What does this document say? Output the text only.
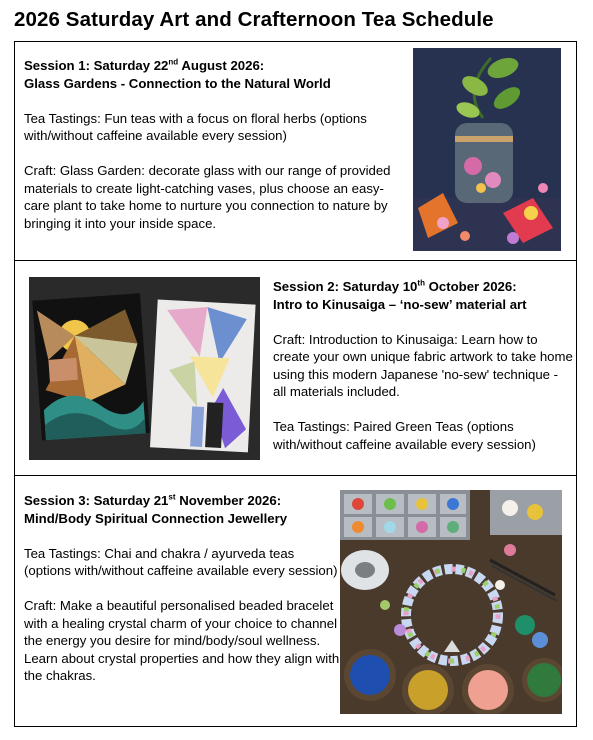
2026 Saturday Art and Crafternoon Tea Schedule

Session 1: Saturday 22nd August 2026:
Glass Gardens - Connection to the Natural World

Tea Tastings: Fun teas with a focus on floral herbs (options with/without caffeine available every session)

Craft: Glass Garden: decorate glass with our range of provided materials to create light-catching vases, plus choose an easy-care plant to take home to nurture you connection to nature by bringing it into your inside space.

Session 2: Saturday 10th October 2026:
Intro to Kinusaiga – ‘no-sew’ material art

Craft: Introduction to Kinusaiga: Learn how to create your own unique fabric artwork to take home using this modern Japanese 'no-sew' technique - all materials included.

Tea Tastings: Paired Green Teas (options with/without caffeine available every session)

Session 3: Saturday 21st November 2026:
Mind/Body Spiritual Connection Jewellery

Tea Tastings: Chai and chakra / ayurveda teas (options with/without caffeine available every session)

Craft: Make a beautiful personalised beaded bracelet with a healing crystal charm of your choice to channel the energy you desire for mind/body/soul wellness. Learn about crystal properties and how they align with the chakras.
